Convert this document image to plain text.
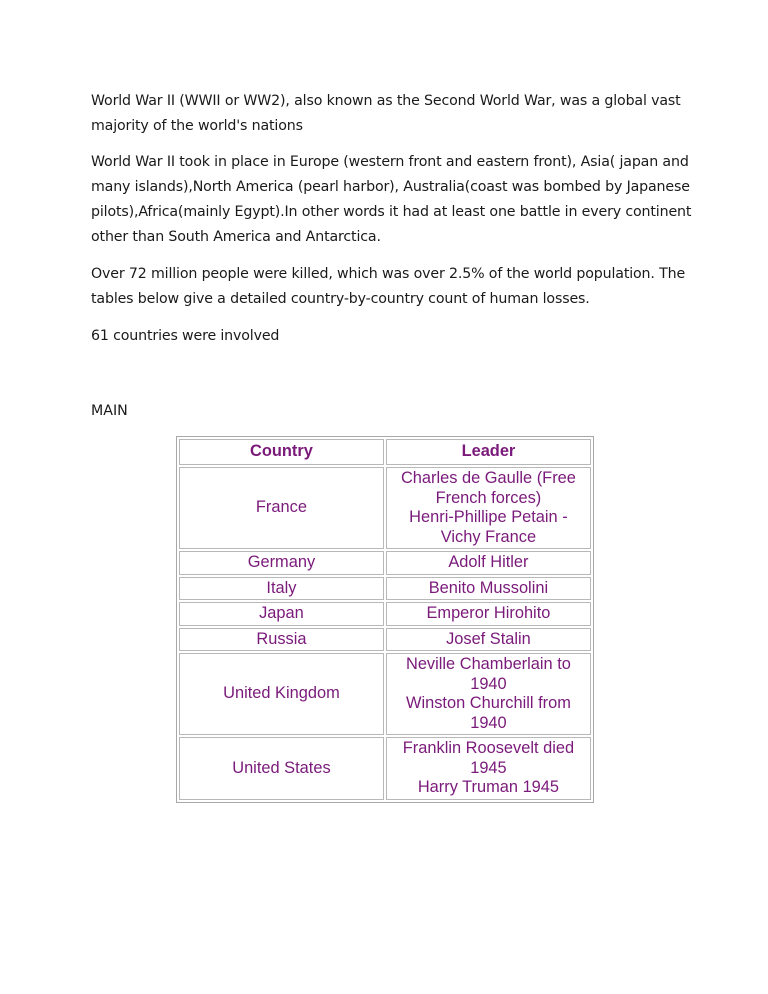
World War II (WWII or WW2), also known as the Second World War, was a global vast majority of the world's nations

World War II took in place in Europe (western front and eastern front), Asia( japan and many islands),North America (pearl harbor), Australia(coast was bombed by Japanese pilots),Africa(mainly Egypt).In other words it had at least one battle in every continent other than South America and Antarctica.

Over 72 million people were killed, which was over 2.5% of the world population. The tables below give a detailed country-by-country count of human losses.

61 countries were involved

MAIN

Country	Leader
France	Charles de Gaulle (Free
French forces)
Henri-Phillipe Petain -
Vichy France

Germany	Adolf Hitler

Italy	Benito Mussolini

Japan	Emperor Hirohito

Russia	Josef Stalin

United Kingdom	Neville Chamberlain to
1940
Winston Churchill from
1940

United States	Franklin Roosevelt died
1945
Harry Truman 1945
